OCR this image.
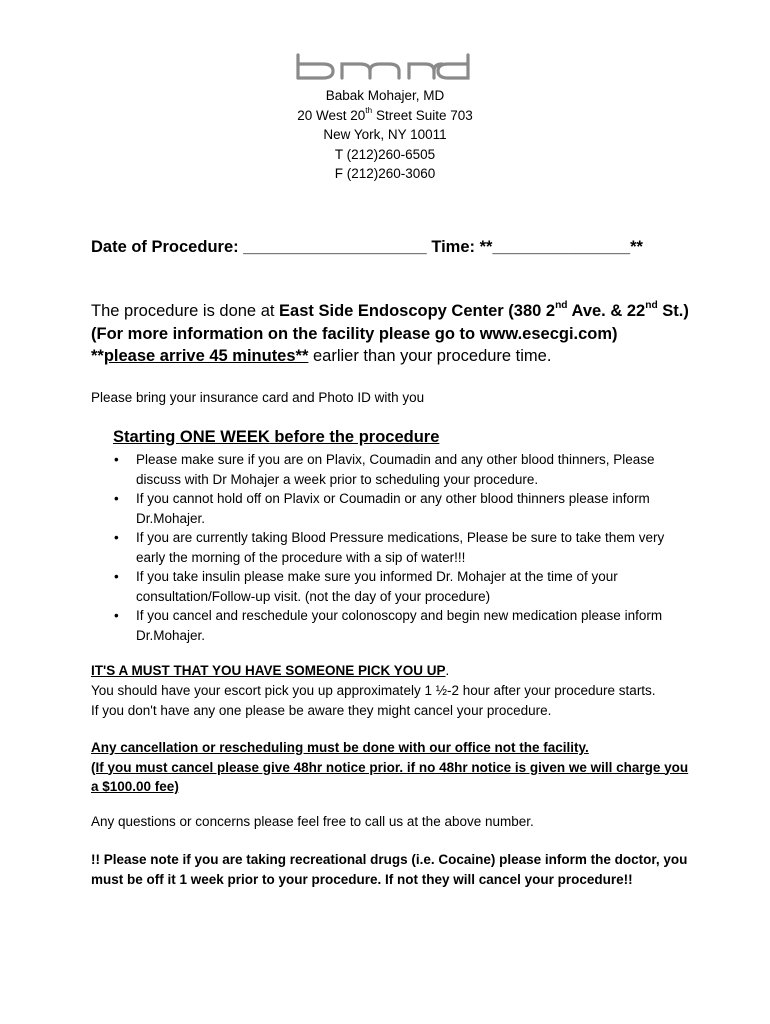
Babak Mohajer, MD
20 West 20th Street Suite 703
New York, NY 10011
T (212)260-6505
F (212)260-3060
Date of Procedure: ____________________ Time: **_______________**
The procedure is done at East Side Endoscopy Center (380 2nd Ave. & 22nd St.)
(For more information on the facility please go to www.esecgi.com)
**please arrive 45 minutes** earlier than your procedure time.
Please bring your insurance card and Photo ID with you
Starting ONE WEEK before the procedure
• Please make sure if you are on Plavix, Coumadin and any other blood thinners, Please discuss with Dr Mohajer a week prior to scheduling your procedure.
• If you cannot hold off on Plavix or Coumadin or any other blood thinners please inform Dr.Mohajer.
• If you are currently taking Blood Pressure medications, Please be sure to take them very early the morning of the procedure with a sip of water!!!
• If you take insulin please make sure you informed Dr. Mohajer at the time of your consultation/Follow-up visit. (not the day of your procedure)
• If you cancel and reschedule your colonoscopy and begin new medication please inform Dr.Mohajer.
IT'S A MUST THAT YOU HAVE SOMEONE PICK YOU UP.
You should have your escort pick you up approximately 1 ½-2 hour after your procedure starts.
If you don't have any one please be aware they might cancel your procedure.
Any cancellation or rescheduling must be done with our office not the facility.
(If you must cancel please give 48hr notice prior. if no 48hr notice is given we will charge you a $100.00 fee)
Any questions or concerns please feel free to call us at the above number.
!! Please note if you are taking recreational drugs (i.e. Cocaine) please inform the doctor, you must be off it 1 week prior to your procedure. If not they will cancel your procedure!!
